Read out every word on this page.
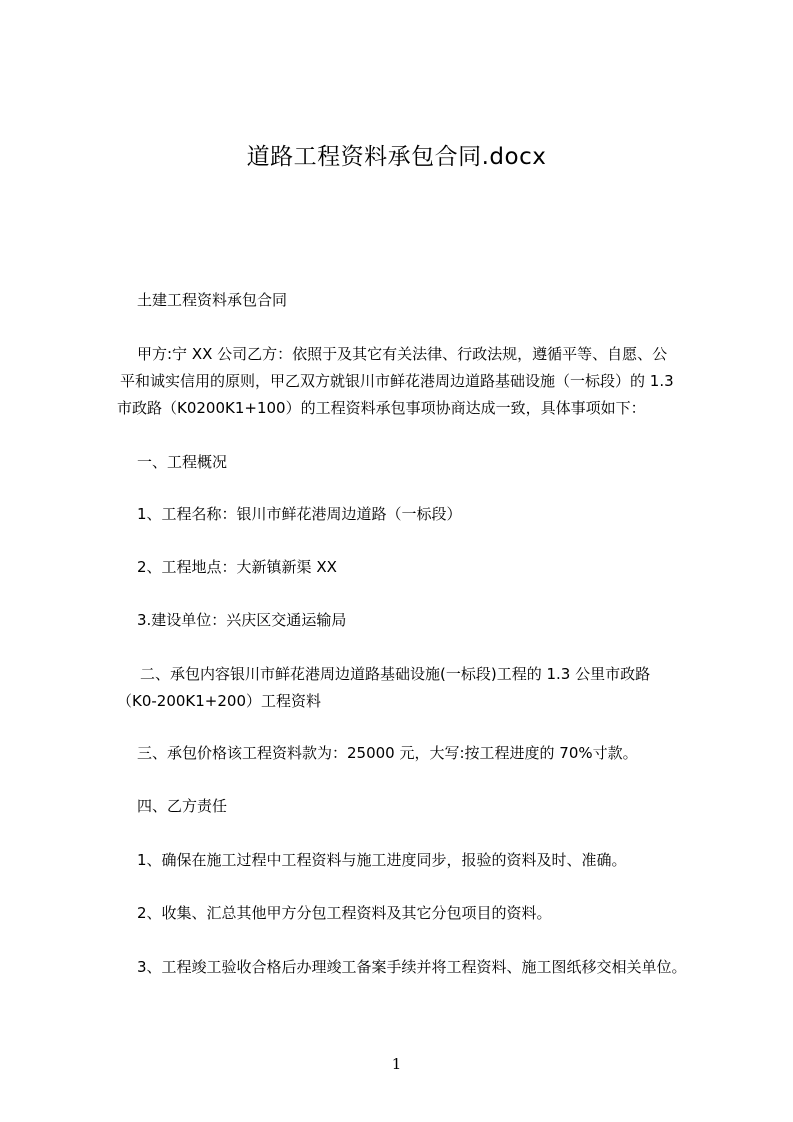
道路工程资料承包合同.docx
土建工程资料承包合同
甲方:宁 XX 公司乙方：依照于及其它有关法律、行政法规，遵循平等、自愿、公
平和诚实信用的原则，甲乙双方就银川市鲜花港周边道路基础设施（一标段）的 1.3
市政路（K0200K1+100）的工程资料承包事项协商达成一致，具体事项如下：
一、工程概况
1、工程名称：银川市鲜花港周边道路（一标段）
2、工程地点：大新镇新渠 XX
3.建设单位：兴庆区交通运输局
二、承包内容银川市鲜花港周边道路基础设施(一标段)工程的 1.3 公里市政路
（K0-200K1+200）工程资料
三、承包价格该工程资料款为：25000 元，大写:按工程进度的 70%寸款。
四、乙方责任
1、确保在施工过程中工程资料与施工进度同步，报验的资料及时、准确。
2、收集、汇总其他甲方分包工程资料及其它分包项目的资料。
3、工程竣工验收合格后办理竣工备案手续并将工程资料、施工图纸移交相关单位。
1
